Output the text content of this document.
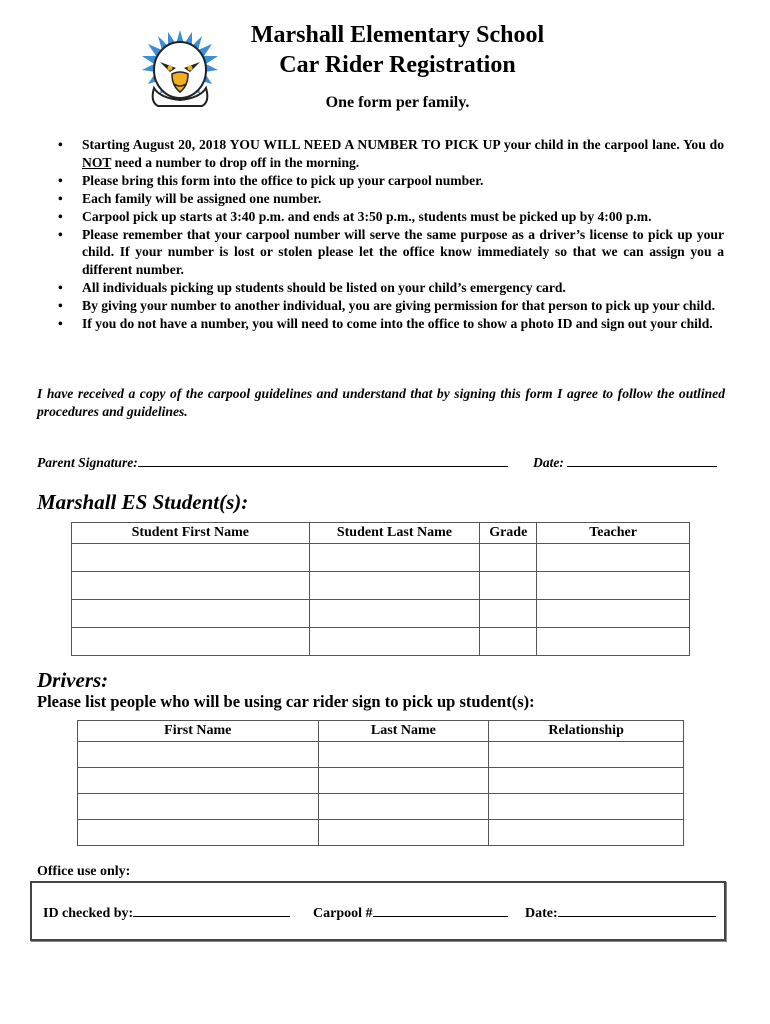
Marshall Elementary School
Car Rider Registration
One form per family.
• Starting August 20, 2018 YOU WILL NEED A NUMBER TO PICK UP your child in the carpool lane. You do NOT need a number to drop off in the morning.
• Please bring this form into the office to pick up your carpool number.
• Each family will be assigned one number.
• Carpool pick up starts at 3:40 p.m. and ends at 3:50 p.m., students must be picked up by 4:00 p.m.
• Please remember that your carpool number will serve the same purpose as a driver’s license to pick up your child. If your number is lost or stolen please let the office know immediately so that we can assign you a different number.
• All individuals picking up students should be listed on your child’s emergency card.
• By giving your number to another individual, you are giving permission for that person to pick up your child.
• If you do not have a number, you will need to come into the office to show a photo ID and sign out your child.
I have received a copy of the carpool guidelines and understand that by signing this form I agree to follow the outlined procedures and guidelines.
Parent Signature:	Date:
Marshall ES Student(s):
Student First Name	Student Last Name	Grade	Teacher

Drivers:
Please list people who will be using car rider sign to pick up student(s):
First Name	Last Name	Relationship

Office use only:
ID checked by:	Carpool #	Date:
